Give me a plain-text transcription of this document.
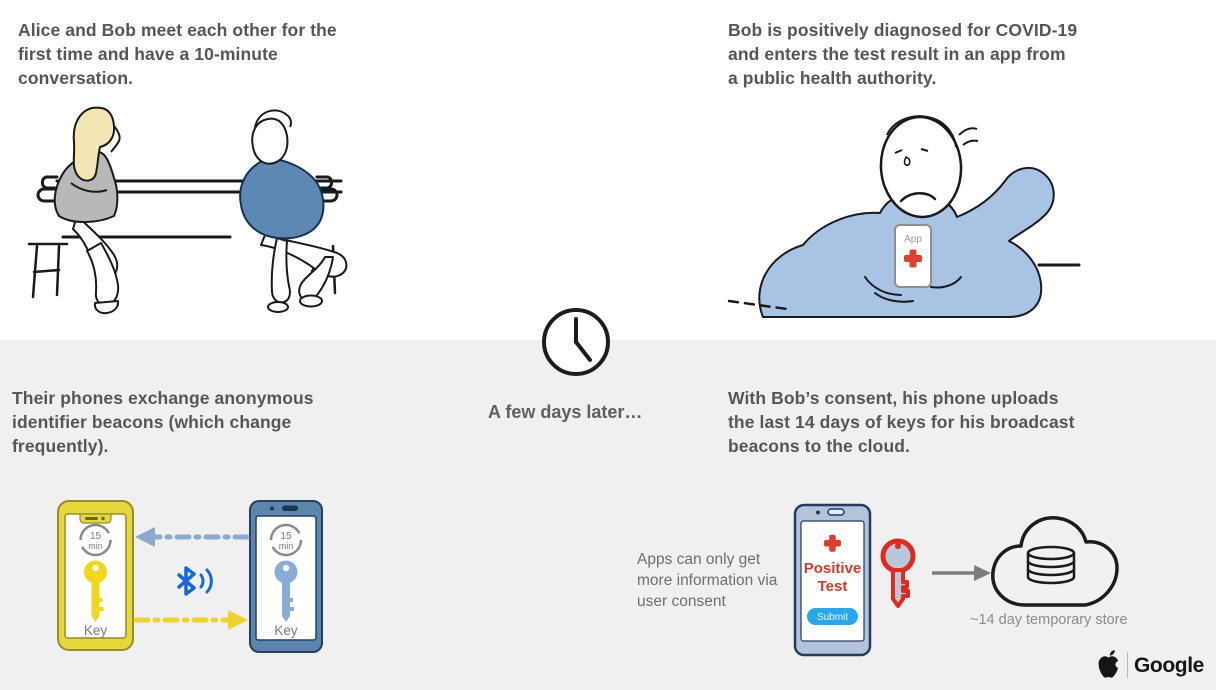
Alice and Bob meet each other for the
first time and have a 10-minute
conversation.
Bob is positively diagnosed for COVID-19
and enters the test result in an app from
a public health authority.
Their phones exchange anonymous
identifier beacons (which change
frequently).
With Bob’s consent, his phone uploads
the last 14 days of keys for his broadcast
beacons to the cloud.
A few days later…
App
15
min
Key
15
min
Key
Apps can only get
more information via
user consent
Positive
Test
Submit	~14 day temporary store
Google
